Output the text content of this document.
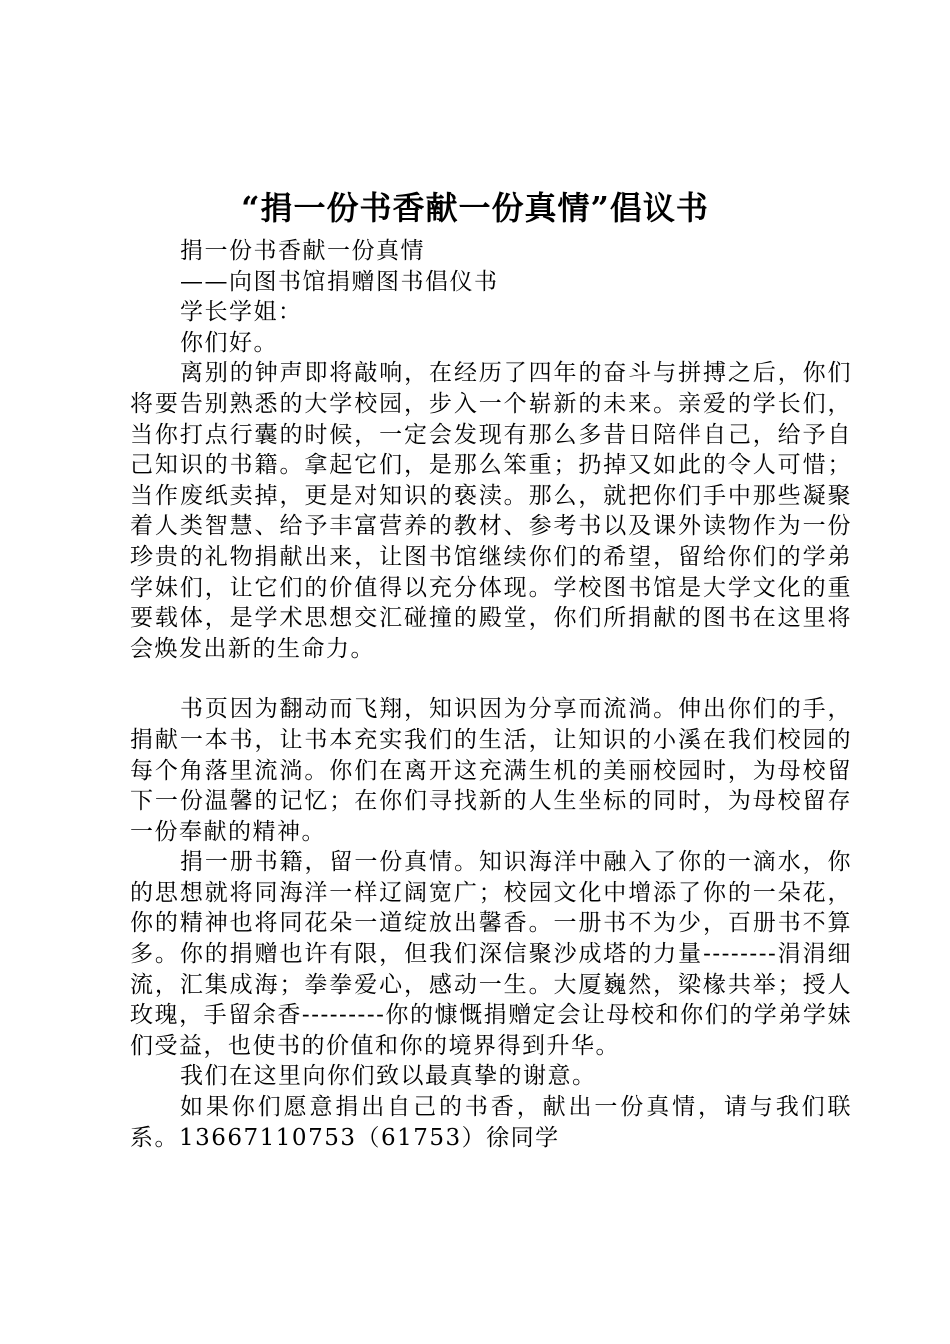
“捐一份书香献一份真情”倡议书

捐一份书香献一份真情

——向图书馆捐赠图书倡仪书

学长学姐：

你们好。

离别的钟声即将敲响，在经历了四年的奋斗与拼搏之后，你们将要告别熟悉的大学校园，步入一个崭新的未来。亲爱的学长们，当你打点行囊的时候，一定会发现有那么多昔日陪伴自己，给予自己知识的书籍。拿起它们，是那么笨重；扔掉又如此的令人可惜；当作废纸卖掉，更是对知识的亵渎。那么，就把你们手中那些凝聚着人类智慧、给予丰富营养的教材、参考书以及课外读物作为一份珍贵的礼物捐献出来，让图书馆继续你们的希望，留给你们的学弟学妹们，让它们的价值得以充分体现。学校图书馆是大学文化的重要载体，是学术思想交汇碰撞的殿堂，你们所捐献的图书在这里将会焕发出新的生命力。

书页因为翻动而飞翔，知识因为分享而流淌。伸出你们的手，捐献一本书，让书本充实我们的生活，让知识的小溪在我们校园的每个角落里流淌。你们在离开这充满生机的美丽校园时，为母校留下一份温馨的记忆；在你们寻找新的人生坐标的同时，为母校留存一份奉献的精神。

捐一册书籍，留一份真情。知识海洋中融入了你的一滴水，你的思想就将同海洋一样辽阔宽广；校园文化中增添了你的一朵花，你的精神也将同花朵一道绽放出馨香。一册书不为少，百册书不算多。你的捐赠也许有限，但我们深信聚沙成塔的力量--------涓涓细流，汇集成海；拳拳爱心，感动一生。大厦巍然，梁椽共举；授人玫瑰，手留余香---------你的慷慨捐赠定会让母校和你们的学弟学妹们受益，也使书的价值和你的境界得到升华。

我们在这里向你们致以最真挚的谢意。

如果你们愿意捐出自己的书香，献出一份真情，请与我们联系。13667110753（61753）徐同学
